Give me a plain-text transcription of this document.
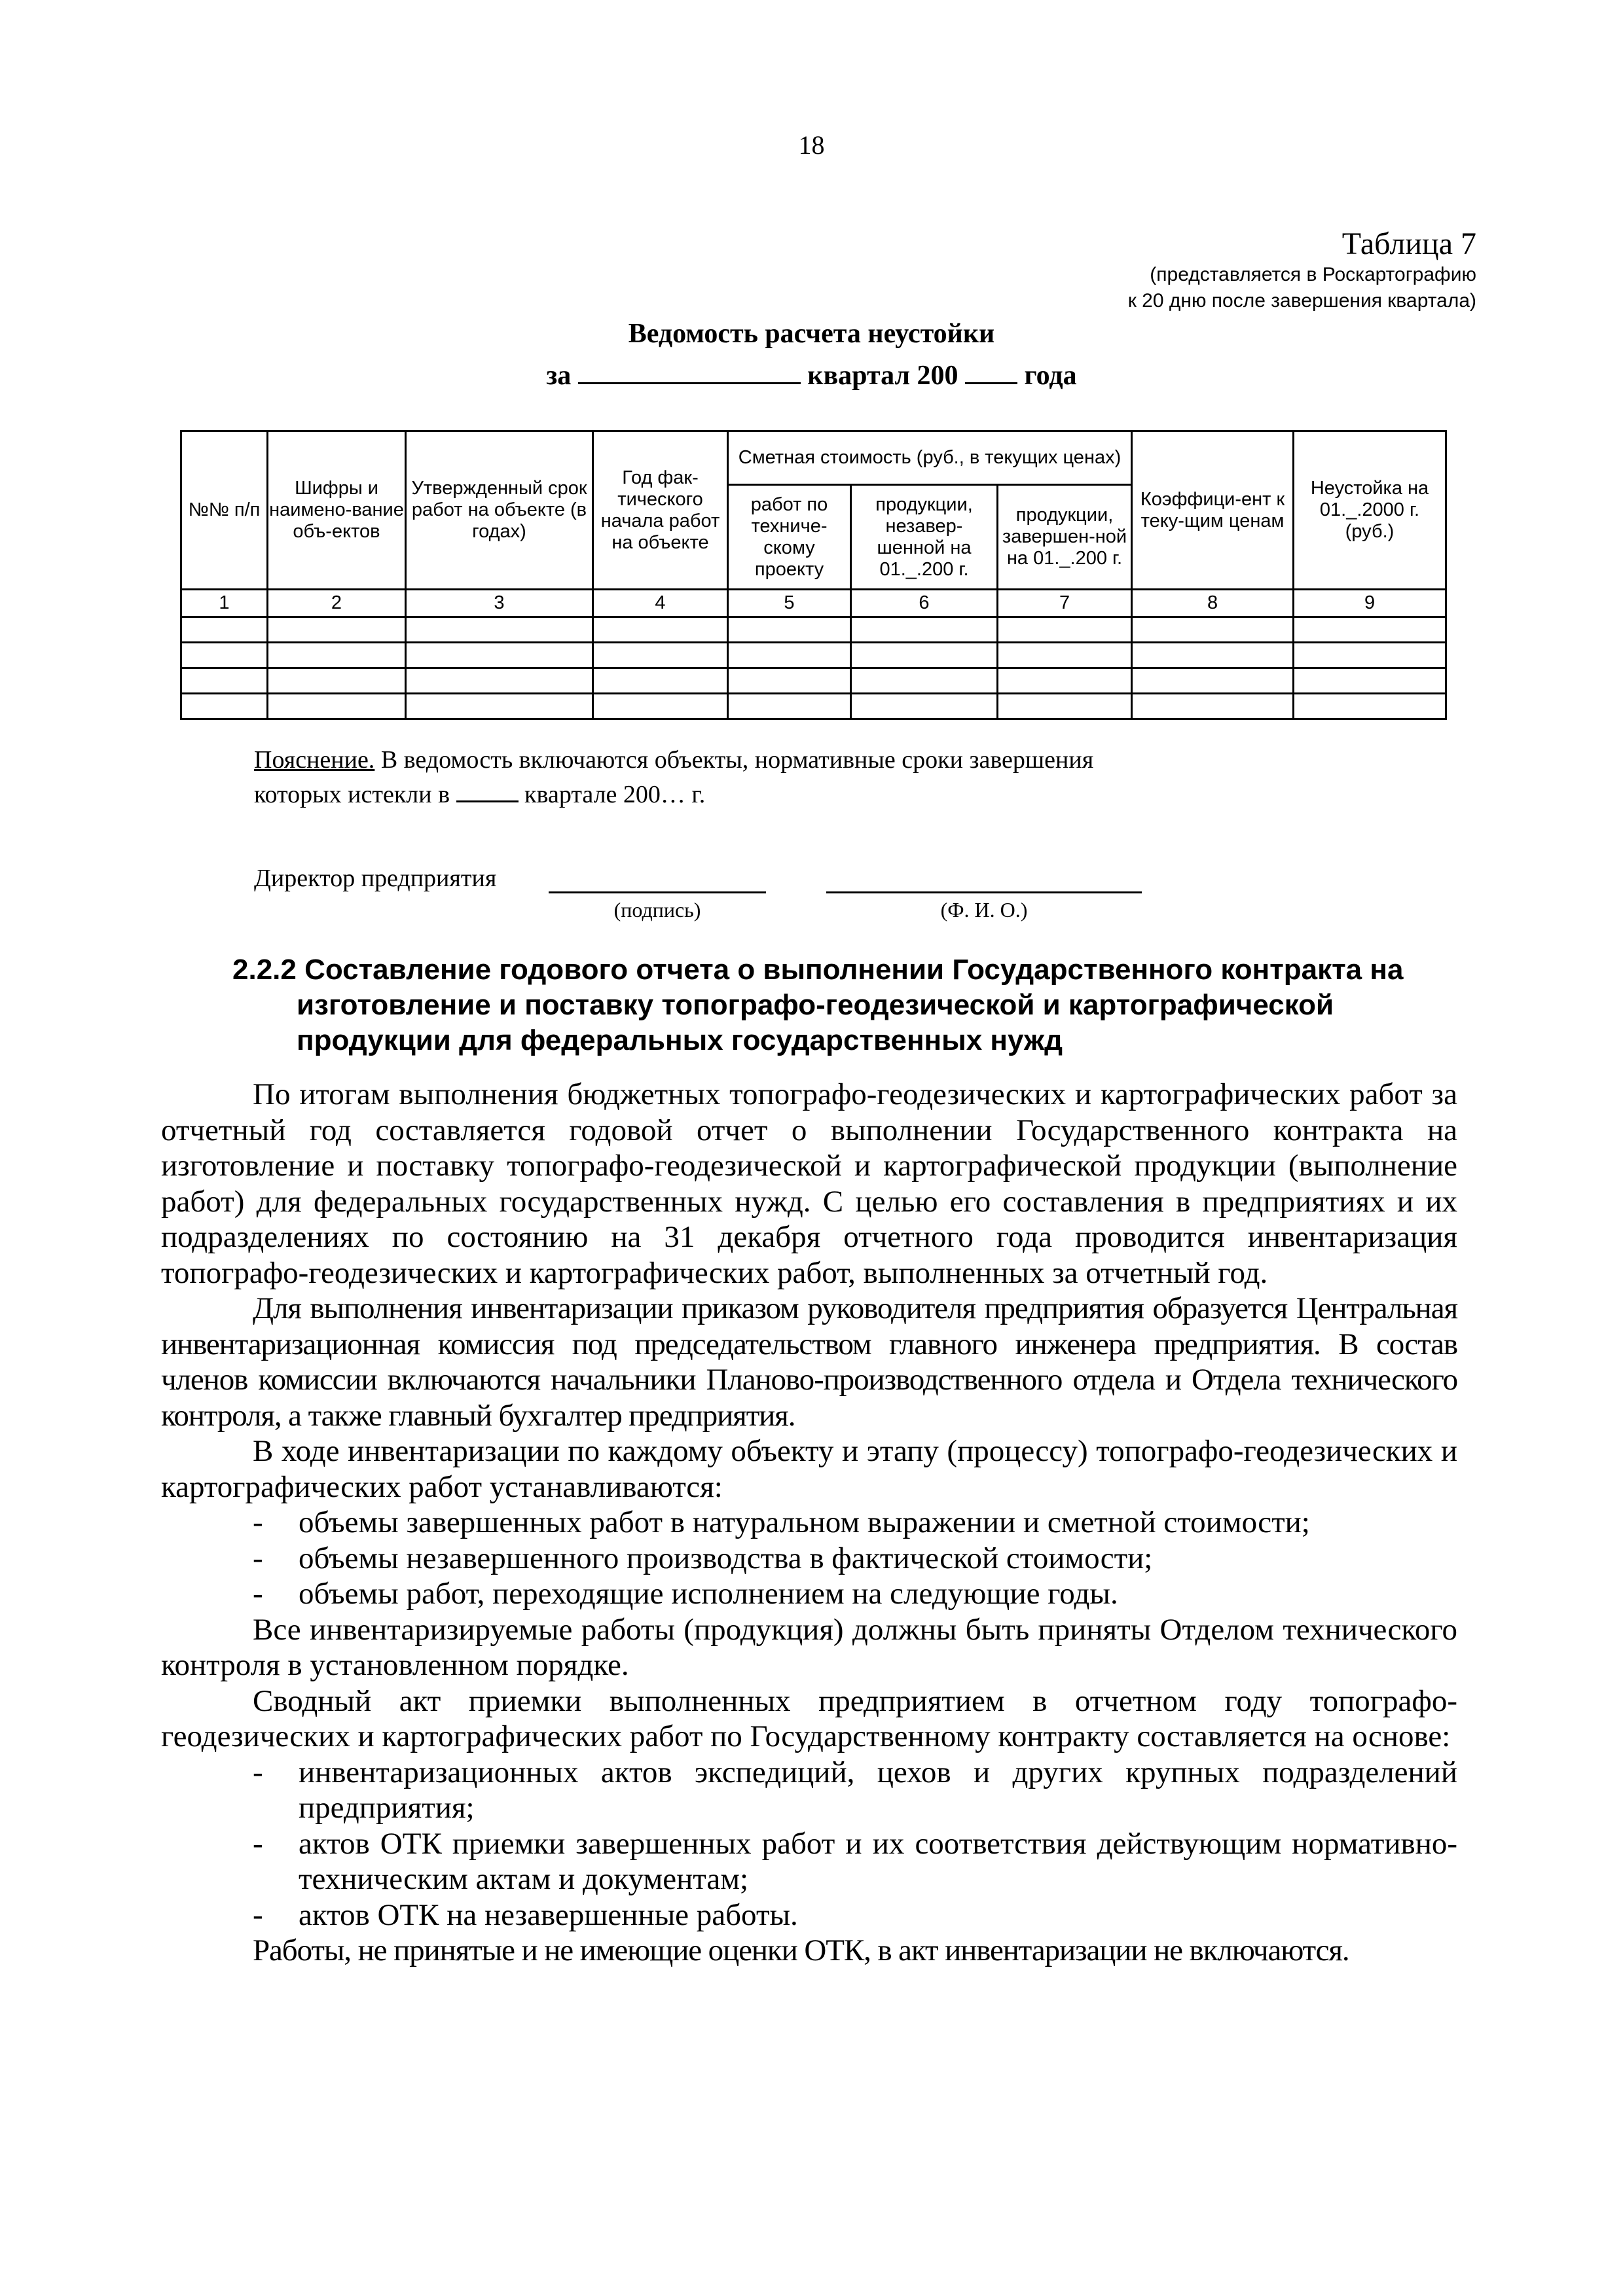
18
Таблица 7
(представляется в Роскартографию
к 20 дню после завершения квартала)
Ведомость расчета неустойки
за	квартал 200 года
№№ п/п	Шифры и наимено-вание объ-ектов	Утвержденный срок работ на объекте (в годах)	Год фак-тического начала работ на объекте	Сметная стоимость (руб., в текущих ценах)			Коэффици-ент к теку-щим ценам	Неустойка на 01._.2000 г. (руб.)
				работ по техниче-скому проекту	продукции, незавер-шенной на 01._.200 г.	продукции, завершен-ной на 01._.200 г.		
1	2	3	4	5	6	7	8	9

Пояснение. В ведомость включаются объекты, нормативные сроки завершения которых истекли в	квартале 200… г.
Директор предприятия
(подпись)	(Ф. И. О.)
2.2.2 Составление годового отчета о выполнении Государственного контракта на
изготовление и поставку топографо-геодезической и картографической
продукции для федеральных государственных нужд

По итогам выполнения бюджетных топографо-геодезических и картографических работ за отчетный год составляется годовой отчет о выполнении Государственного контракта на изготовление и поставку топографо-геодезической и картографической продукции (выполнение работ) для федеральных государственных нужд. С целью его составления в предприятиях и их подразделениях по состоянию на 31 декабря отчетного года проводится инвентаризация топографо-геодезических и картографических работ, выполненных за отчетный год.

Для выполнения инвентаризации приказом руководителя предприятия образуется Центральная инвентаризационная комиссия под председательством главного инженера предприятия. В состав членов комиссии включаются начальники Планово-производственного отдела и Отдела технического контроля, а также главный бухгалтер предприятия.

В ходе инвентаризации по каждому объекту и этапу (процессу) топографо-геодезических и картографических работ устанавливаются:

- объемы завершенных работ в натуральном выражении и сметной стоимости;

- объемы незавершенного производства в фактической стоимости;

- объемы работ, переходящие исполнением на следующие годы.

Все инвентаризируемые работы (продукция) должны быть приняты Отделом технического контроля в установленном порядке.

Сводный акт приемки выполненных предприятием в отчетном году топографо-геодезических и картографических работ по Государственному контракту составляется на основе:

- инвентаризационных актов экспедиций, цехов и других крупных подразделений предприятия;

- актов ОТК приемки завершенных работ и их соответствия действующим нормативно-техническим актам и документам;

- актов ОТК на незавершенные работы.

Работы, не принятые и не имеющие оценки ОТК, в акт инвентаризации не включаются.
